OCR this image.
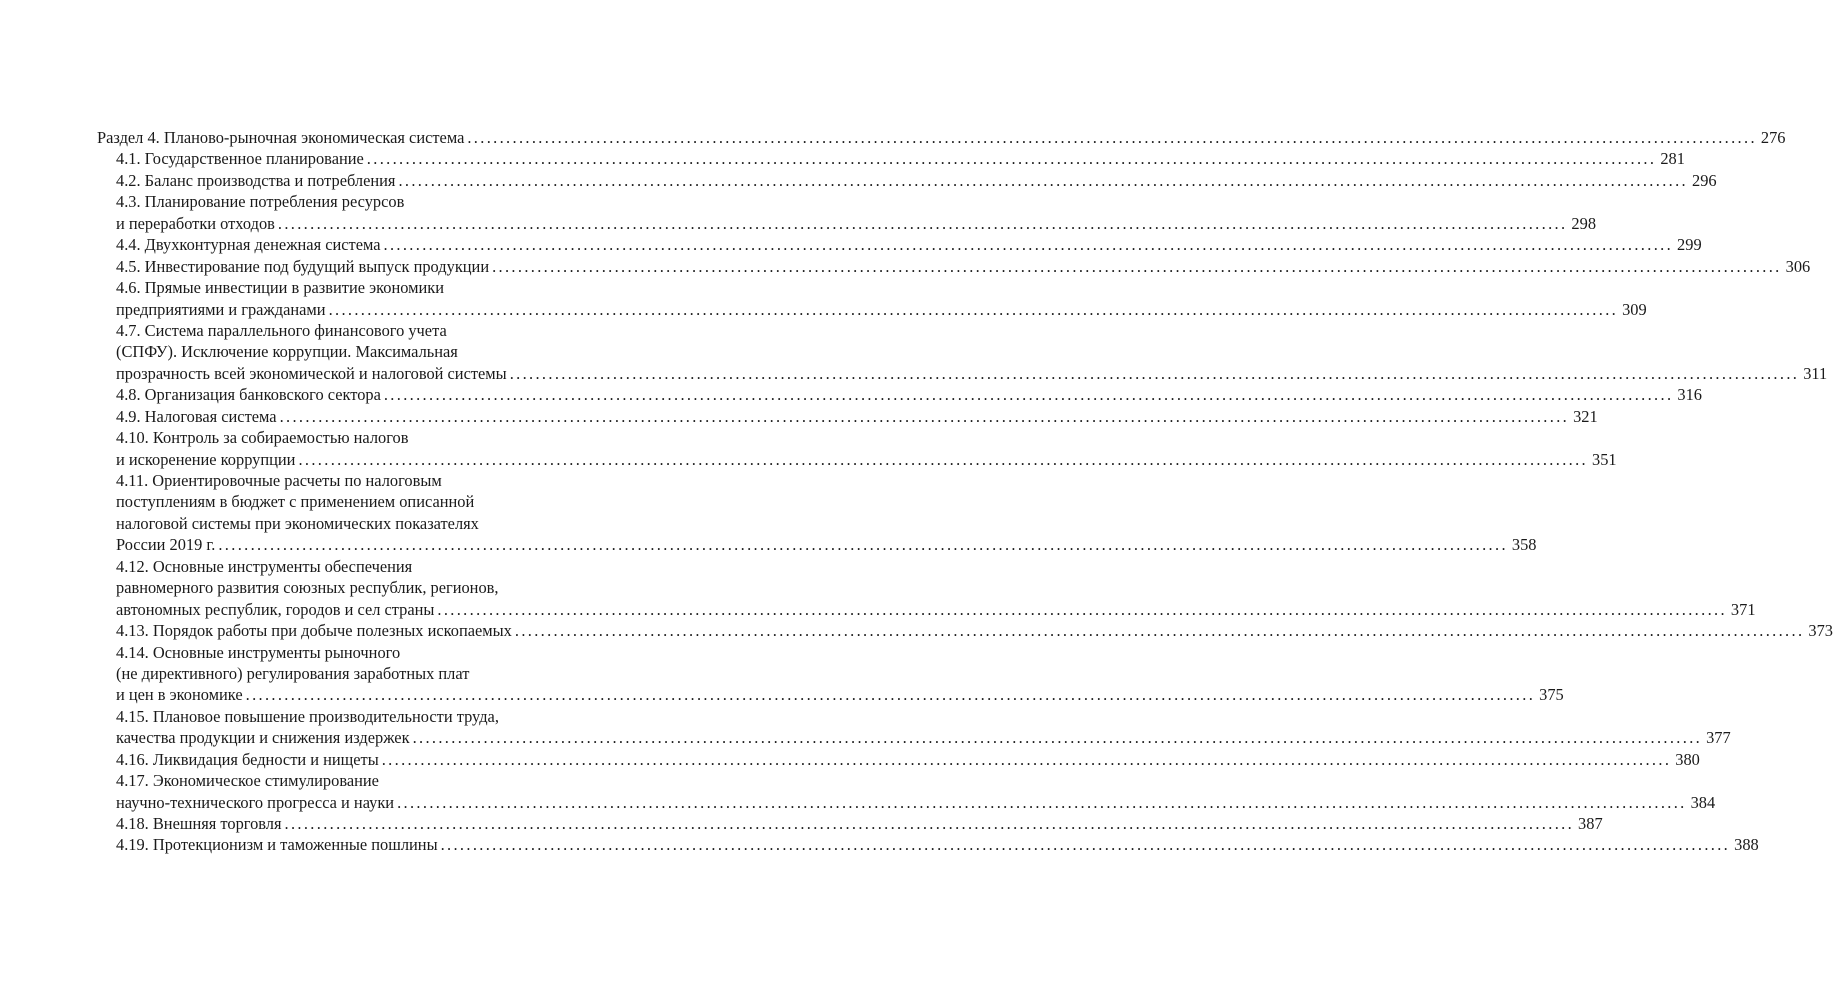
Раздел 4. Планово-рыночная экономическая система ........................................................................................................................................................................................................ 276
4.1. Государственное планирование ........................................................................................................................................................................................................ 281
4.2. Баланс производства и потребления ........................................................................................................................................................................................................ 296
4.3. Планирование потребления ресурсов
и переработки отходов ........................................................................................................................................................................................................ 298
4.4. Двухконтурная денежная система ........................................................................................................................................................................................................ 299
4.5. Инвестирование под будущий выпуск продукции ........................................................................................................................................................................................................ 306
4.6. Прямые инвестиции в развитие экономики
предприятиями и гражданами ........................................................................................................................................................................................................ 309
4.7. Система параллельного финансового учета
(СПФУ). Исключение коррупции. Максимальная
прозрачность всей экономической и налоговой системы ........................................................................................................................................................................................................ 311
4.8. Организация банковского сектора ........................................................................................................................................................................................................ 316
4.9. Налоговая система ........................................................................................................................................................................................................ 321
4.10. Контроль за собираемостью налогов
и искоренение коррупции ........................................................................................................................................................................................................ 351
4.11. Ориентировочные расчеты по налоговым
поступлениям в бюджет с применением описанной
налоговой системы при экономических показателях
России 2019 г. ........................................................................................................................................................................................................ 358
4.12. Основные инструменты обеспечения
равномерного развития союзных республик, регионов,
автономных республик, городов и сел страны ........................................................................................................................................................................................................ 371
4.13. Порядок работы при добыче полезных ископаемых ........................................................................................................................................................................................................ 373
4.14. Основные инструменты рыночного
(не директивного) регулирования заработных плат
и цен в экономике ........................................................................................................................................................................................................ 375
4.15. Плановое повышение производительности труда,
качества продукции и снижения издержек ........................................................................................................................................................................................................ 377
4.16. Ликвидация бедности и нищеты ........................................................................................................................................................................................................ 380
4.17. Экономическое стимулирование
научно-технического прогресса и науки ........................................................................................................................................................................................................ 384
4.18. Внешняя торговля ........................................................................................................................................................................................................ 387
4.19. Протекционизм и таможенные пошлины ........................................................................................................................................................................................................ 388
